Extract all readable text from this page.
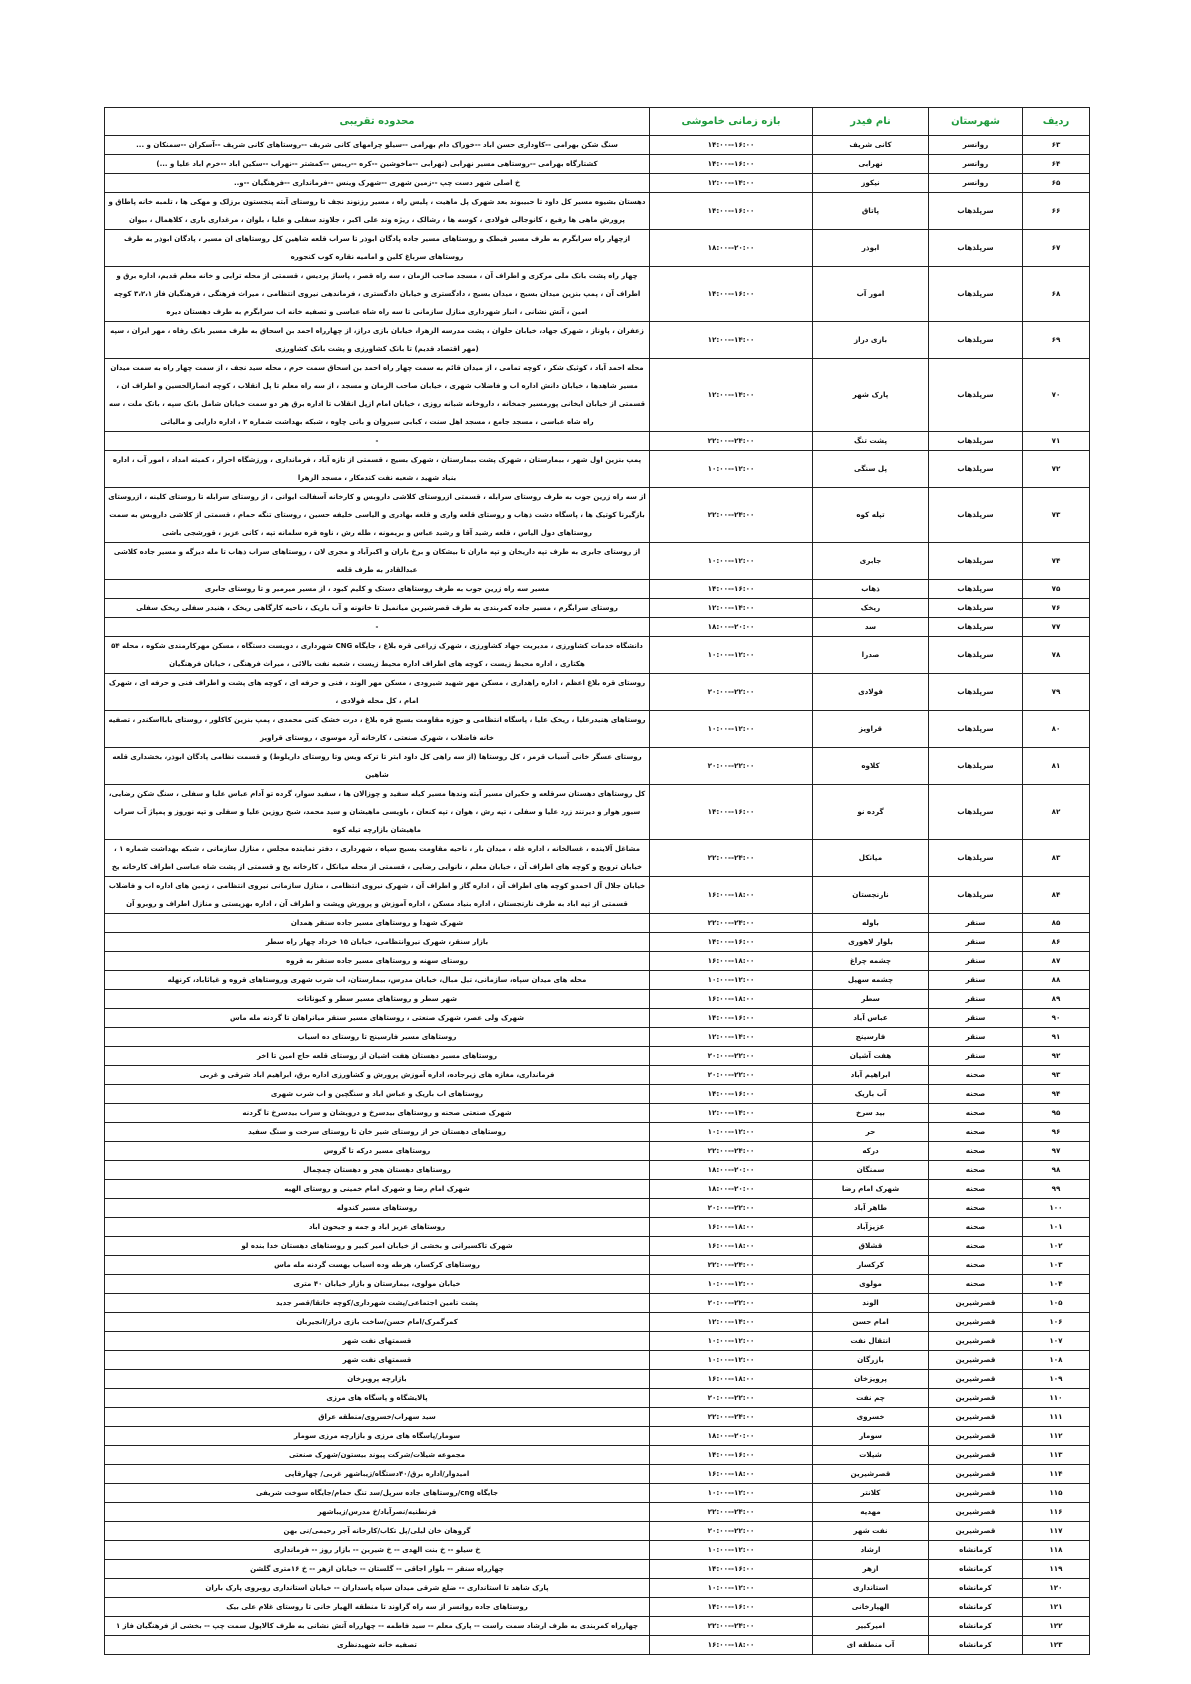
ردیف	شهرستان	نام فیدر	بازه زمانی خاموشی	محدوده تقریبی
۶۳	روانسر	کانی شریف	۱۴:۰۰--۱۶:۰۰	سنگ شکن بهرامی --کاوداری حسن اباد --خوراک دام بهرامی --سیلو چرامهای کانی شریف --روستاهای کانی شریف --آسکران --سمنکان و ...
۶۴	روانسر	نهرابی	۱۴:۰۰--۱۶:۰۰	کشتارگاه بهرامی --روستاهی مسیر نهرابی (نهرابی --ماخوشین --کره --ریبس --کمشتر --نهراب --سکین اباد --خرم اباد علیا و ...)
۶۵	روانسر	نیکوز	۱۲:۰۰--۱۴:۰۰	خ اصلی شهر دست چپ --زمین شهری --شهرک وینس --فرمانداری --فرهنگیان --و..
۶۶	سرپلذهاب	پاتاق	۱۴:۰۰--۱۶:۰۰	دهستان بشیوه مسیر کل داود تا حبیبوند بعد شهرک پل ماهیت ، پلیس راه ، مسیر رزنوند نجف تا روستای آبته پنجستون برزلک و مهکی ها ، تلمبه خانه پاطاق و پرورش ماهی ها رفیع ، کانوجالی فولادی ، کوسه ها ، رشالک ، ریژه وند علی اکبر ، جلاوند سفلی و علیا ، بلوان ، مرغداری باری ، کلاهمال ، بیوان
۶۷	سرپلذهاب	ابوذر	۱۸:۰۰--۲۰:۰۰	ازچهار راه سرابگرم به طرف مسیر قیطک و روستاهای مسیر جاده پادگان ابوذر تا سراب قلعه شاهین کل روستاهای ان مسیر ، پادگان ابوذر به طرف روستاهای سرباغ کلین و امامیه نقاره کوب کنجوره
۶۸	سرپلذهاب	امور آب	۱۴:۰۰--۱۶:۰۰	چهار راه پشت بانک ملی مرکزی و اطراف آن ، مسجد صاحب الزمان ، سه راه قصر ، پاساژ پردیس ، قسمتی از محله ترابی و خانه معلم قدیم، اداره برق و اطراف آن ، پمپ بنزین میدان بسیج ، میدان بسیج ، دادگستری و خیابان دادگستری ، فرماندهی نیروی انتظامی ، میراث فرهنگی ، فرهنگیان فاز ۳،۲،۱ کوچه امین ، آتش نشانی ، انبار شهرداری منازل سازمانی تا سه راه شاه عباسی و تصفیه خانه اب سرابگرم به طرف دهستان دیره
۶۹	سرپلذهاب	بازی دراز	۱۲:۰۰--۱۴:۰۰	زعفران ، پاوناز ، شهرک جهاد، خیابان حلوان ، پشت مدرسه الزهرا، خیابان بازی دراز، از چهارراه احمد بن اسحاق به طرف مسیر بانک رفاه ، مهر ایران ، سپه (مهر اقتصاد قدیم) تا بانک کشاورزی و پشت بانک کشاورزی
۷۰	سرپلذهاب	پارک شهر	۱۲:۰۰--۱۴:۰۰	محله احمد آباد ، کوثیک شکر ، کوچه تمامی ، از میدان قائم به سمت چهار راه احمد بن اسحاق سمت حرم ، محله سید نجف ، از سمت چهار راه به سمت میدان مسیر شاهدها ، خیابان دانش اداره اب و فاضلاب شهری ، خیابان صاحب الزمان و مسجد ، از سه راه معلم تا پل انقلاب ، کوچه انصارالحسین و اطراف ان ، قسمتی از خیابان ایخانی پورمسیر جمخانه ، داروخانه شبانه روزی ، خیابان امام ازپل انقلاب تا اداره برق هر دو سمت خیابان شامل بانک سپه ، بانک ملت ، سه راه شاه عباسی ، مسجد جامع ، مسجد اهل سنت ، کبابی سیروان و بانی چاوه ، شبکه بهداشت شماره ۲ ، اداره دارایی و مالیاتی
۷۱	سرپلذهاب	پشت تنگ	۲۲:۰۰--۲۴:۰۰	-
۷۲	سرپلذهاب	پل سنگی	۱۰:۰۰--۱۲:۰۰	پمپ بنزین اول شهر ، بیمارستان ، شهرک پشت بیمارستان ، شهرک بسیج ، قسمتی از تازه آباد ، فرمانداری ، ورزشگاه احرار ، کمیته امداد ، امور آب ، اداره بنیاد شهید ، شعبه نفت کندمکار ، مسجد الزهرا
۷۳	سرپلذهاب	تپله کوه	۲۲:۰۰--۲۴:۰۰	از سه راه زرین جوب به طرف روستای سرابله ، قسمتی ازروستای کلاشی داروبس و کارخانه آسفالت ایوانی ، از روستای سرابله تا روستای کلینه ، ازروستای بازگیرنا کوتیک ها ، پاسگاه دشت ذهاب و روستای قلعه واری و قلعه بهادری و الیاسی خلیفه حسین ، روستای تنگه حمام ، قسمتی از کلاشی داروبس به سمت روستاهای دول الیاس ، قلعه رشید آقا و رشید عباس و بریمونه ، طله رش ، ناوه قره سلمانه تپه ، کانی عزیز ، قورشجی باشی
۷۴	سرپلذهاب	جابری	۱۰:۰۰--۱۲:۰۰	از روستای جابری به طرف تپه داریخان و تپه ماران تا بیشکان و برخ باران و اکبرآباد و مجری لان ، روستاهای سراب ذهاب تا مله دیزگه و مسیر جاده کلاشی عبدالقادر به طرف قلعه
۷۵	سرپلذهاب	ذهاب	۱۴:۰۰--۱۶:۰۰	مسیر سه راه زرین جوب به طرف روستاهای دستک و کلیم کبود ، از مسیر میرمیر و تا روستای جابری
۷۶	سرپلذهاب	ریخک	۱۲:۰۰--۱۴:۰۰	روستای سرابگرم ، مسیر جاده کمربندی به طرف قصرشیرین میانمیل تا خانونه و آب باریک ، ناحیه کارگاهی ریخک ، هنیدر سفلی ریخک سفلی
۷۷	سرپلذهاب	سد	۱۸:۰۰--۲۰:۰۰	-
۷۸	سرپلذهاب	صدرا	۱۰:۰۰--۱۲:۰۰	دانشگاه خدمات کشاورزی ، مدیریت جهاد کشاورزی ، شهرک زراعی قره بلاغ ، جایگاه CNG شهرداری ، دویست دستگاه ، مسکن مهرکارمندی شکوه ، محله ۵۴ هکتاری ، اداره محیط زیست ، کوچه های اطراف اداره محیط زیست ، شعبه نفت بالائی ، میراث فرهنگی ، خیابان فرهنگیان
۷۹	سرپلذهاب	فولادی	۲۰:۰۰--۲۲:۰۰	روستای قره بلاغ اعظم ، اداره راهداری ، مسکن مهر شهید شیرودی ، مسکن مهر الوند ، فنی و حرفه ای ، کوچه های پشت و اطراف فنی و حرفه ای ، شهرک امام ، کل محله فولادی ،
۸۰	سرپلذهاب	قراویز	۱۰:۰۰--۱۲:۰۰	روستاهای هنیدرعلیا ، ریخک علیا ، پاسگاه انتظامی و حوزه مقاومت بسیج قره بلاغ ، درت خشک کنی محمدی ، پمپ بنزین کاکلور ، روستای بابااسکندر ، تصفیه خانه فاضلاب ، شهرک صنعتی ، کارخانه آرد موسوی ، روستای قراویز
۸۱	سرپلذهاب	کلاوه	۲۰:۰۰--۲۲:۰۰	روستای عسگر خانی آسیاب قرمز ، کل روستاها (از سه راهی کل داود ابتر تا ترکه ویس وتا روستای داریلوط) و قسمت نظامی پادگان ابوذر، بخشداری قلعه شاهین
۸۲	سرپلذهاب	گرده نو	۱۴:۰۰--۱۶:۰۰	کل روستاهای دهستان سرقلعه و حکیران مسیر آبته وندها مسیر کیله سفید و چوزالان ها ، سفید سوار، گرده تو آدام عباس علیا و سفلی ، سنگ شکن رضایی، سیور هوار و دیرنند زرد علیا و سفلی ، تپه رش ، هوان ، تپه کنعان ، باویسی ماهیشان و سید محمد، شیخ روزین علیا و سفلی و تپه نوروز و پمپاژ آب سراب ماهیشان بازارچه تیله کوه
۸۳	سرپلذهاب	میانکل	۲۲:۰۰--۲۴:۰۰	مشاغل آلاینده ، غسالخانه ، اداره غله ، میدان بار ، ناحیه مقاومت بسیج سپاه ، شهرداری ، دفتر نماینده مجلس ، منازل سازمانی ، شبکه بهداشت شماره ۱ ، خیابان ترویج و کوچه های اطراف آن ، خیابان معلم ، نانوایی رضایی ، قسمتی از محله میانکل ، کارخانه یخ و قسمتی از پشت شاه عباسی اطراف کارخانه یخ
۸۴	سرپلذهاب	نارنجستان	۱۶:۰۰--۱۸:۰۰	خیابان جلال آل احمدو کوچه های اطراف آن ، اداره گاز و اطراف آن ، شهرک نیروی انتظامی ، منازل سازمانی نیروی انتظامی ، زمین های اداره اب و فاضلاب قسمتی از تپه اباد به طرف نارنجستان ، اداره بنیاد مسکن ، اداره آموزش و پرورش وپشت و اطراف آن ، اداره بهزیستی و منازل اطراف و روبرو آن
۸۵	سنقر	باوله	۲۲:۰۰--۲۴:۰۰	شهرک شهدا و روستاهای مسیر جاده سنقر همدان
۸۶	سنقر	بلوار لاهوری	۱۴:۰۰--۱۶:۰۰	بازار سنقر، شهرک نیروانتظامی، خیابان ۱۵ خرداد چهار راه سطر
۸۷	سنقر	چشمه چراغ	۱۶:۰۰--۱۸:۰۰	روستای سهنه و روستاهای مسیر جاده سنقر به قروه
۸۸	سنقر	چشمه سهیل	۱۰:۰۰--۱۲:۰۰	محله های میدان سپاه، سازمانی، تیل مبال، خیابان مدرس، بیمارستان، اب شرب شهری وروستاهای قروه و غیاثاباد، کرنهله
۸۹	سنقر	سطر	۱۶:۰۰--۱۸:۰۰	شهر سطر و روستاهای مسیر سطر و کیوناتات
۹۰	سنقر	عباس آباد	۱۴:۰۰--۱۶:۰۰	شهرک ولی عصر، شهرک صنعتی ، روستاهای مسیر سنقر میانراهان تا گردنه مله ماس
۹۱	سنقر	فارسینج	۱۲:۰۰--۱۴:۰۰	روستاهای مسیر فارسینج تا روستای ده اسیاب
۹۲	سنقر	هفت آشیان	۲۰:۰۰--۲۲:۰۰	روستاهای مسیر دهستان هفت اشیان از روستای قلعه حاج امین تا اخر
۹۳	صحنه	ابراهیم آباد	۲۰:۰۰--۲۲:۰۰	فرمانداری، مغازه های زیرجاده، اداره آموزش پرورش و کشاورزی اداره برق، ابراهیم اباد شرقی و غربی
۹۴	صحنه	آب باریک	۱۴:۰۰--۱۶:۰۰	روستاهای اب باریک و عباس اباد و سنگچین و اب شرب شهری
۹۵	صحنه	بید سرخ	۱۲:۰۰--۱۴:۰۰	شهرک صنعتی صحنه و روستاهای بیدسرخ و درویشان و سراب بیدسرخ تا گردنه
۹۶	صحنه	حر	۱۰:۰۰--۱۲:۰۰	روستاهای دهستان حر از روستای شیر خان تا روستای سرخت و سنگ سفید
۹۷	صحنه	درکه	۲۲:۰۰--۲۴:۰۰	روستاهای مسیر درکه تا گروس
۹۸	صحنه	سمنگان	۱۸:۰۰--۲۰:۰۰	روستاهای دهستان هجر و دهستان چمچمال
۹۹	صحنه	شهرک امام رضا	۱۸:۰۰--۲۰:۰۰	شهرک امام رضا و شهرک امام خمینی و روستای الهیه
۱۰۰	صحنه	طاهر آباد	۲۰:۰۰--۲۲:۰۰	روستاهای مسیر کندوله
۱۰۱	صحنه	عزیزآباد	۱۶:۰۰--۱۸:۰۰	روستاهای عزیز اباد و جمه و جیحون اباد
۱۰۲	صحنه	قشلاق	۱۶:۰۰--۱۸:۰۰	شهرک تاکسیرانی و بخشی از خیابان امیر کبیر و روستاهای دهستان خدا بنده لو
۱۰۳	صحنه	کرکسار	۲۲:۰۰--۲۴:۰۰	روستاهای کرکسار، هرطه وده اسیاب بهست گردنه مله ماس
۱۰۴	صحنه	مولوی	۱۰:۰۰--۱۲:۰۰	خیابان مولوی، بیمارستان و بازار خیابان ۴۰ متری
۱۰۵	قصرشیرین	الوند	۲۰:۰۰--۲۲:۰۰	پشت تامین اجتماعی/پشت شهرداری/کوچه خانقا/قصر جدید
۱۰۶	قصرشیرین	امام حسن	۱۲:۰۰--۱۴:۰۰	کمرگمرک/امام حسن/ساخت بازی دراز/انجیربان
۱۰۷	قصرشیرین	انتقال نفت	۱۰:۰۰--۱۲:۰۰	قسمتهای نفت شهر
۱۰۸	قصرشیرین	بازرگان	۱۰:۰۰--۱۲:۰۰	قسمتهای نفت شهر
۱۰۹	قصرشیرین	پرویزخان	۱۶:۰۰--۱۸:۰۰	بازارچه پرویزخان
۱۱۰	قصرشیرین	چم نفت	۲۰:۰۰--۲۲:۰۰	پالایشگاه و پاسگاه های مرزی
۱۱۱	قصرشیرین	خسروی	۲۲:۰۰--۲۴:۰۰	سید سهراب/خسروی/منطقه عراق
۱۱۲	قصرشیرین	سومار	۱۸:۰۰--۲۰:۰۰	سومار/پاسگاه های مرزی و بازارچه مرزی سومار
۱۱۳	قصرشیرین	شیلات	۱۴:۰۰--۱۶:۰۰	مجموعه شیلات/شرکت پیوند بیستون/شهرک صنعتی
۱۱۴	قصرشیرین	قصرشیرین	۱۶:۰۰--۱۸:۰۰	امیدوار/اداره برق/۴۰دستگاه/زیباشهر غربی/ چهارقاپی
۱۱۵	قصرشیرین	کلانتر	۱۰:۰۰--۱۲:۰۰	جایگاه cng/روستاهای جاده سرپل/سد تنگ حمام/جایگاه سوخت شریفی
۱۱۶	قصرشیرین	مهدیه	۲۲:۰۰--۲۴:۰۰	فرنطنیه/نصرآباد/خ مدرس/زیباشهر
۱۱۷	قصرشیرین	نفت شهر	۲۰:۰۰--۲۲:۰۰	گروهان خان لیلی/پل تکاب/کارخانه آجر رحیمی/نی بهن
۱۱۸	کرمانشاه	ارشاد	۱۰:۰۰--۱۲:۰۰	خ سیلو -- خ بنت الهدی -- خ شیرین -- بازار روز -- فرمانداری
۱۱۹	کرمانشاه	ازهر	۱۴:۰۰--۱۶:۰۰	چهارراه سنقر -- بلوار اجاقی -- گلستان -- خیابان ازهر -- خ ۱۶متری گلشن
۱۲۰	کرمانشاه	استانداری	۱۰:۰۰--۱۲:۰۰	پارک شاهد تا استانداری -- ضلع شرقی میدان سپاه پاسداران -- خیابان استانداری روبروی پارک باران
۱۲۱	کرمانشاه	الهیارخانی	۱۴:۰۰--۱۶:۰۰	روستاهای جاده روانسر از سه راه گراوند تا منطقه الهیار خانی تا روستای غلام علی بیک
۱۲۲	کرمانشاه	امیرکبیر	۲۲:۰۰--۲۴:۰۰	چهارراه کمربندی به طرف ارشاد سمت راست -- پارک معلم -- سید فاطمه -- چهارراه آتش نشانی به طرف کالاپول سمت چپ -- بخشی از فرهنگیان فاز ۱
۱۲۳	کرمانشاه	آب منطقه ای	۱۶:۰۰--۱۸:۰۰	تصفیه خانه شهیدنظری
